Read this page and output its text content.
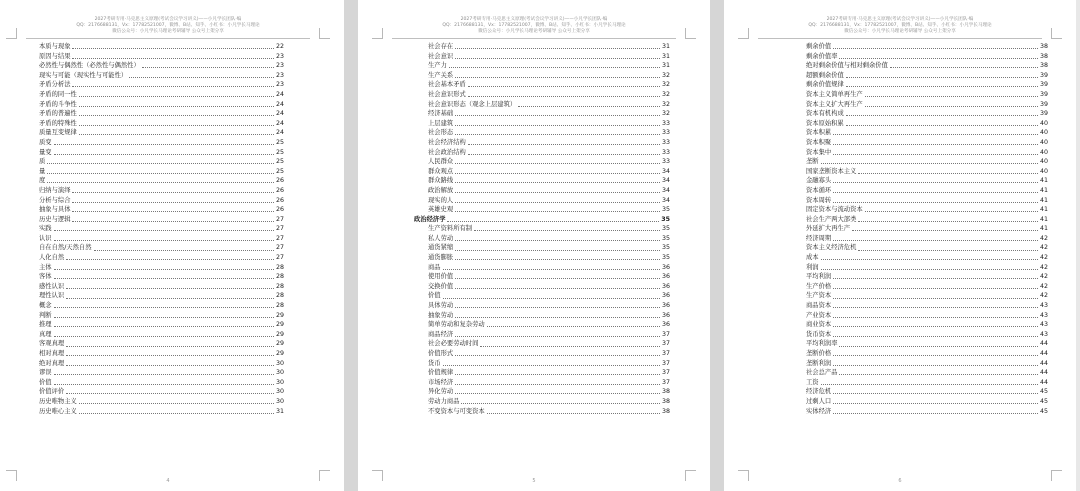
2027考研专用·马克思主义原理(考试会议学习讲义)——小凡学长团队·编
QQ：2176688131，Vx：17782521007，微博、B站、知乎、小红书：小凡学长马理论
微信公众号：小凡学长马理论考研辅导 公众号上架分享
本质与现象	22
原因与结果	23
必然性与偶然性（必然性与偶然性）	23
现实与可能（现实性与可能性）	23
矛盾分析法	23
矛盾的同一性	24
矛盾的斗争性	24
矛盾的普遍性	24
矛盾的特殊性	24
质量互变规律	24
质变	25
量变	25
质	25
量	25
度	26
归纳与演绎	26
分析与综合	26
抽象与具体	26
历史与逻辑	27
实践	27
认识	27
自在自然/天然自然	27
人化自然	27
主体	28
客体	28
感性认识	28
理性认识	28
概念	28
判断	29
推理	29
真理	29
客观真理	29
相对真理	29
绝对真理	30
谬误	30
价值	30
价值评价	30
历史唯物主义	30
历史唯心主义	31
4
2027考研专用·马克思主义原理(考试会议学习讲义)——小凡学长团队·编
QQ：2176688131，Vx：17782521007，微博、B站、知乎、小红书：小凡学长马理论
微信公众号：小凡学长马理论考研辅导 公众号上架分享
社会存在	31
社会意识	31
生产力	31
生产关系	32
社会基本矛盾	32
社会意识形式	32
社会意识形态（观念上层建筑）	32
经济基础	32
上层建筑	33
社会形态	33
社会经济结构	33
社会政治结构	33
人民群众	33
群众观点	34
群众路线	34
政治解放	34
现实的人	34
英雄史观	35
政治经济学	35
生产资料所有制	35
私人劳动	35
通货紧缩	35
通货膨胀	35
商品	36
使用价值	36
交换价值	36
价值	36
具体劳动	36
抽象劳动	36
简单劳动和复杂劳动	36
商品经济	37
社会必要劳动时间	37
价值形式	37
货币	37
价值规律	37
市场经济	37
异化劳动	38
劳动力商品	38
不变资本与可变资本	38
5
2027考研专用·马克思主义原理(考试会议学习讲义)——小凡学长团队·编
QQ：2176688131，Vx：17782521007，微博、B站、知乎、小红书：小凡学长马理论
微信公众号：小凡学长马理论考研辅导 公众号上架分享
剩余价值	38
剩余价值率	38
绝对剩余价值与相对剩余价值	38
超额剩余价值	39
剩余价值规律	39
资本主义简单再生产	39
资本主义扩大再生产	39
资本有机构成	39
资本原始积累	40
资本积累	40
资本积聚	40
资本集中	40
垄断	40
国家垄断资本主义	40
金融寡头	41
资本循环	41
资本周转	41
固定资本与流动资本	41
社会生产两大部类	41
外延扩大再生产	41
经济周期	42
资本主义经济危机	42
成本	42
利润	42
平均利润	42
生产价格	42
生产资本	42
商品资本	43
产业资本	43
商业资本	43
货币资本	43
平均利润率	44
垄断价格	44
垄断利润	44
社会总产品	44
工资	44
经济危机	45
过剩人口	45
实体经济	45
6
